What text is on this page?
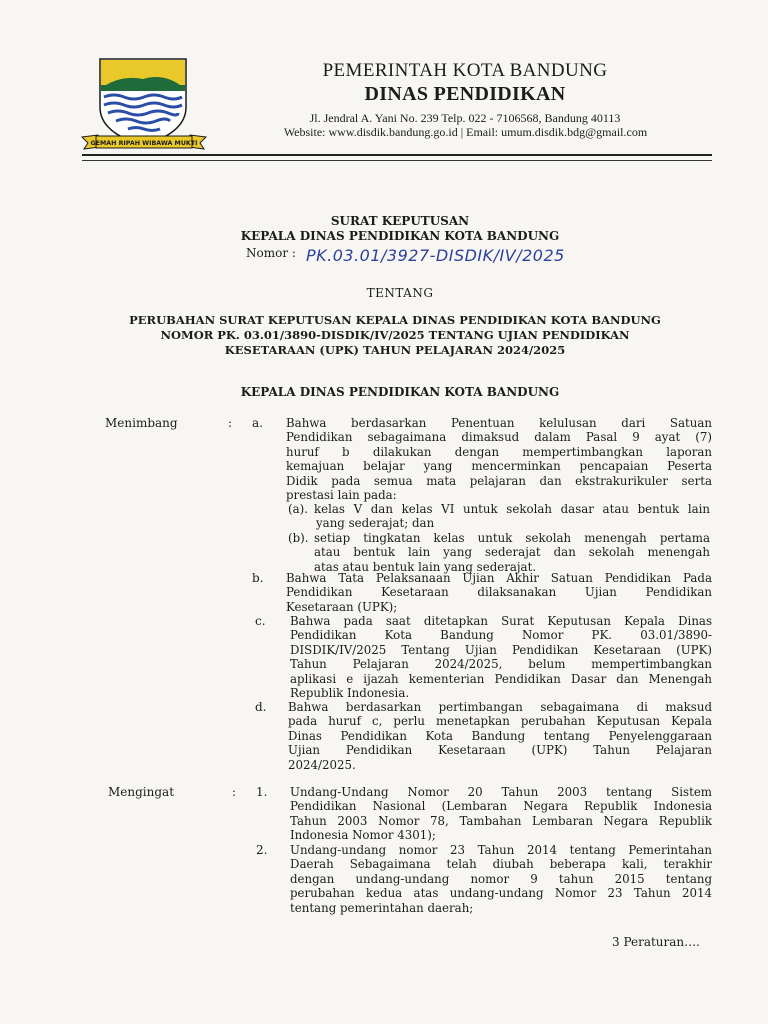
GEMAH RIPAH WIBAWA MUKTI
PEMERINTAH KOTA BANDUNG
DINAS PENDIDIKAN
Jl. Jendral A. Yani No. 239 Telp. 022 - 7106568, Bandung 40113
Website: www.disdik.bandung.go.id | Email: umum.disdik.bdg@gmail.com
SURAT KEPUTUSAN
KEPALA DINAS PENDIDIKAN KOTA BANDUNG
Nomor : PK.03.01/3927-DISDIK/IV/2025
TENTANG
PERUBAHAN SURAT KEPUTUSAN KEPALA DINAS PENDIDIKAN KOTA BANDUNG
NOMOR PK. 03.01/3890-DISDIK/IV/2025 TENTANG UJIAN PENDIDIKAN
KESETARAAN (UPK) TAHUN PELAJARAN 2024/2025
KEPALA DINAS PENDIDIKAN KOTA BANDUNG
Menimbang	: a. Bahwa berdasarkan Penentuan kelulusan dari Satuan
Pendidikan sebagaimana dimaksud dalam Pasal 9 ayat (7)
huruf b dilakukan dengan mempertimbangkan laporan
kemajuan belajar yang mencerminkan pencapaian Peserta
Didik pada semua mata pelajaran dan ekstrakurikuler serta
prestasi lain pada:
(a). kelas V dan kelas VI untuk sekolah dasar atau bentuk lain
yang sederajat; dan
(b). setiap tingkatan kelas untuk sekolah menengah pertama
atau bentuk lain yang sederajat dan sekolah menengah
atas atau bentuk lain yang sederajat.
b. Bahwa Tata Pelaksanaan Ujian Akhir Satuan Pendidikan Pada
Pendidikan Kesetaraan dilaksanakan Ujian Pendidikan
Kesetaraan (UPK);
c. Bahwa pada saat ditetapkan Surat Keputusan Kepala Dinas
Pendidikan Kota Bandung Nomor PK. 03.01/3890-
DISDIK/IV/2025 Tentang Ujian Pendidikan Kesetaraan (UPK)
Tahun Pelajaran 2024/2025, belum mempertimbangkan
aplikasi e ijazah kementerian Pendidikan Dasar dan Menengah
Republik Indonesia.
d. Bahwa berdasarkan pertimbangan sebagaimana di maksud
pada huruf c, perlu menetapkan perubahan Keputusan Kepala
Dinas Pendidikan Kota Bandung tentang Penyelenggaraan
Ujian Pendidikan Kesetaraan (UPK) Tahun Pelajaran
2024/2025.
Mengingat	: 1. Undang-Undang Nomor 20 Tahun 2003 tentang Sistem
Pendidikan Nasional (Lembaran Negara Republik Indonesia
Tahun 2003 Nomor 78, Tambahan Lembaran Negara Republik
Indonesia Nomor 4301);
2. Undang-undang nomor 23 Tahun 2014 tentang Pemerintahan
Daerah Sebagaimana telah diubah beberapa kali, terakhir
dengan undang-undang nomor 9 tahun 2015 tentang
perubahan kedua atas undang-undang Nomor 23 Tahun 2014
tentang pemerintahan daerah;
3 Peraturan….
